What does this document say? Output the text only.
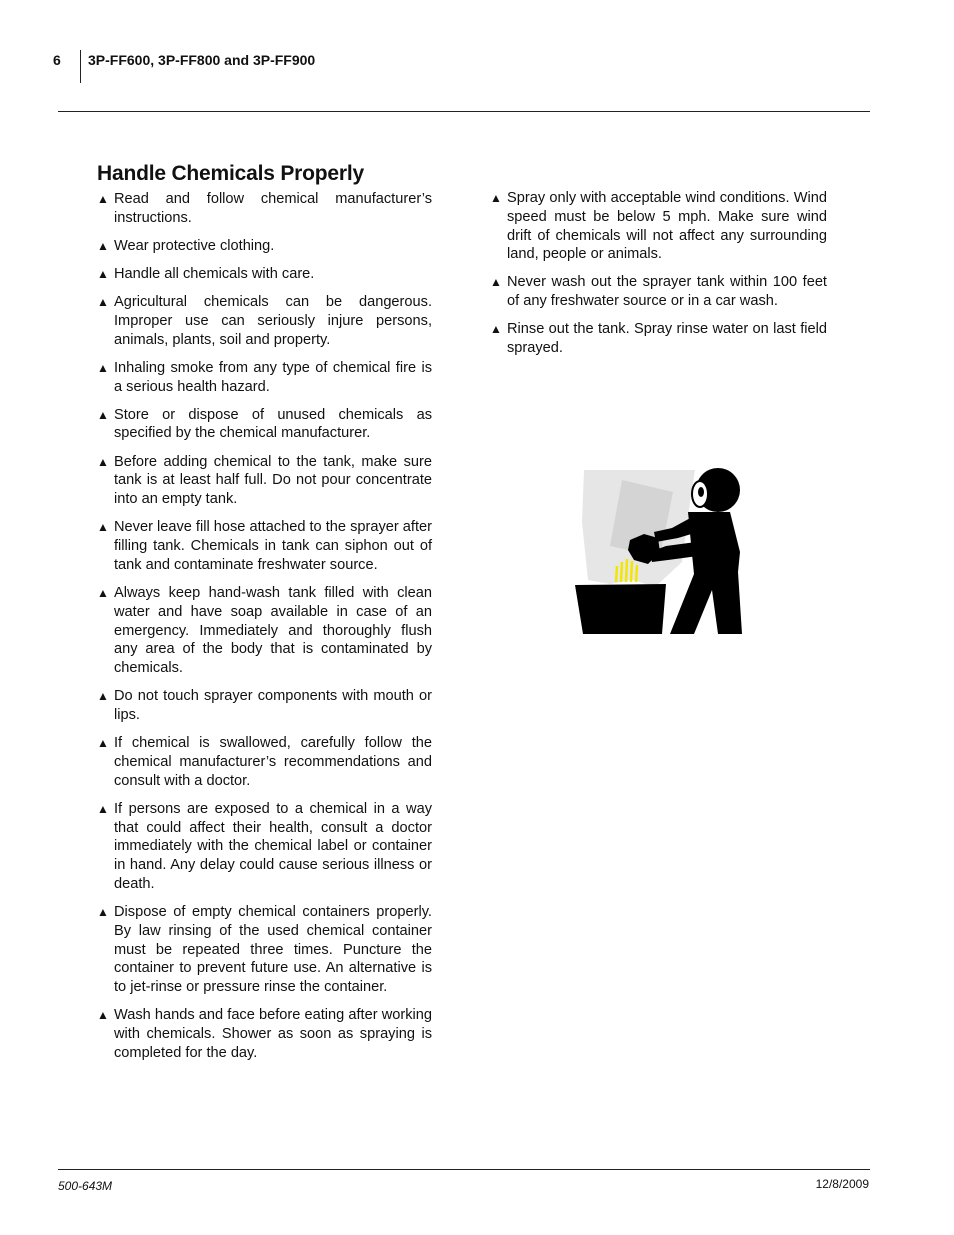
6 3P-FF600, 3P-FF800 and 3P-FF900
Handle Chemicals Properly
▲ Read and follow chemical manufacturer’s instructions.
▲ Wear protective clothing.
▲ Handle all chemicals with care.
▲ Agricultural chemicals can be dangerous. Improper use can seriously injure persons, animals, plants, soil and property.
▲ Inhaling smoke from any type of chemical fire is a serious health hazard.
▲ Store or dispose of unused chemicals as specified by the chemical manufacturer.
▲ Before adding chemical to the tank, make sure tank is at least half full. Do not pour concentrate into an empty tank.
▲ Never leave fill hose attached to the sprayer after filling tank. Chemicals in tank can siphon out of tank and contaminate freshwater source.
▲ Always keep hand-wash tank filled with clean water and have soap available in case of an emergency. Immediately and thoroughly flush any area of the body that is contaminated by chemicals.
▲ Do not touch sprayer components with mouth or lips.
▲ If chemical is swallowed, carefully follow the chemical manufacturer’s recommendations and consult with a doctor.
▲ If persons are exposed to a chemical in a way that could affect their health, consult a doctor immediately with the chemical label or container in hand. Any delay could cause serious illness or death.
▲ Dispose of empty chemical containers properly. By law rinsing of the used chemical container must be repeated three times. Puncture the container to prevent future use. An alternative is to jet-rinse or pressure rinse the container.
▲ Wash hands and face before eating after working with chemicals. Shower as soon as spraying is completed for the day.
▲ Spray only with acceptable wind conditions. Wind speed must be below 5 mph. Make sure wind drift of chemicals will not affect any surrounding land, people or animals.
▲ Never wash out the sprayer tank within 100 feet of any freshwater source or in a car wash.
▲ Rinse out the tank. Spray rinse water on last field sprayed.
500-643M	12/8/2009
